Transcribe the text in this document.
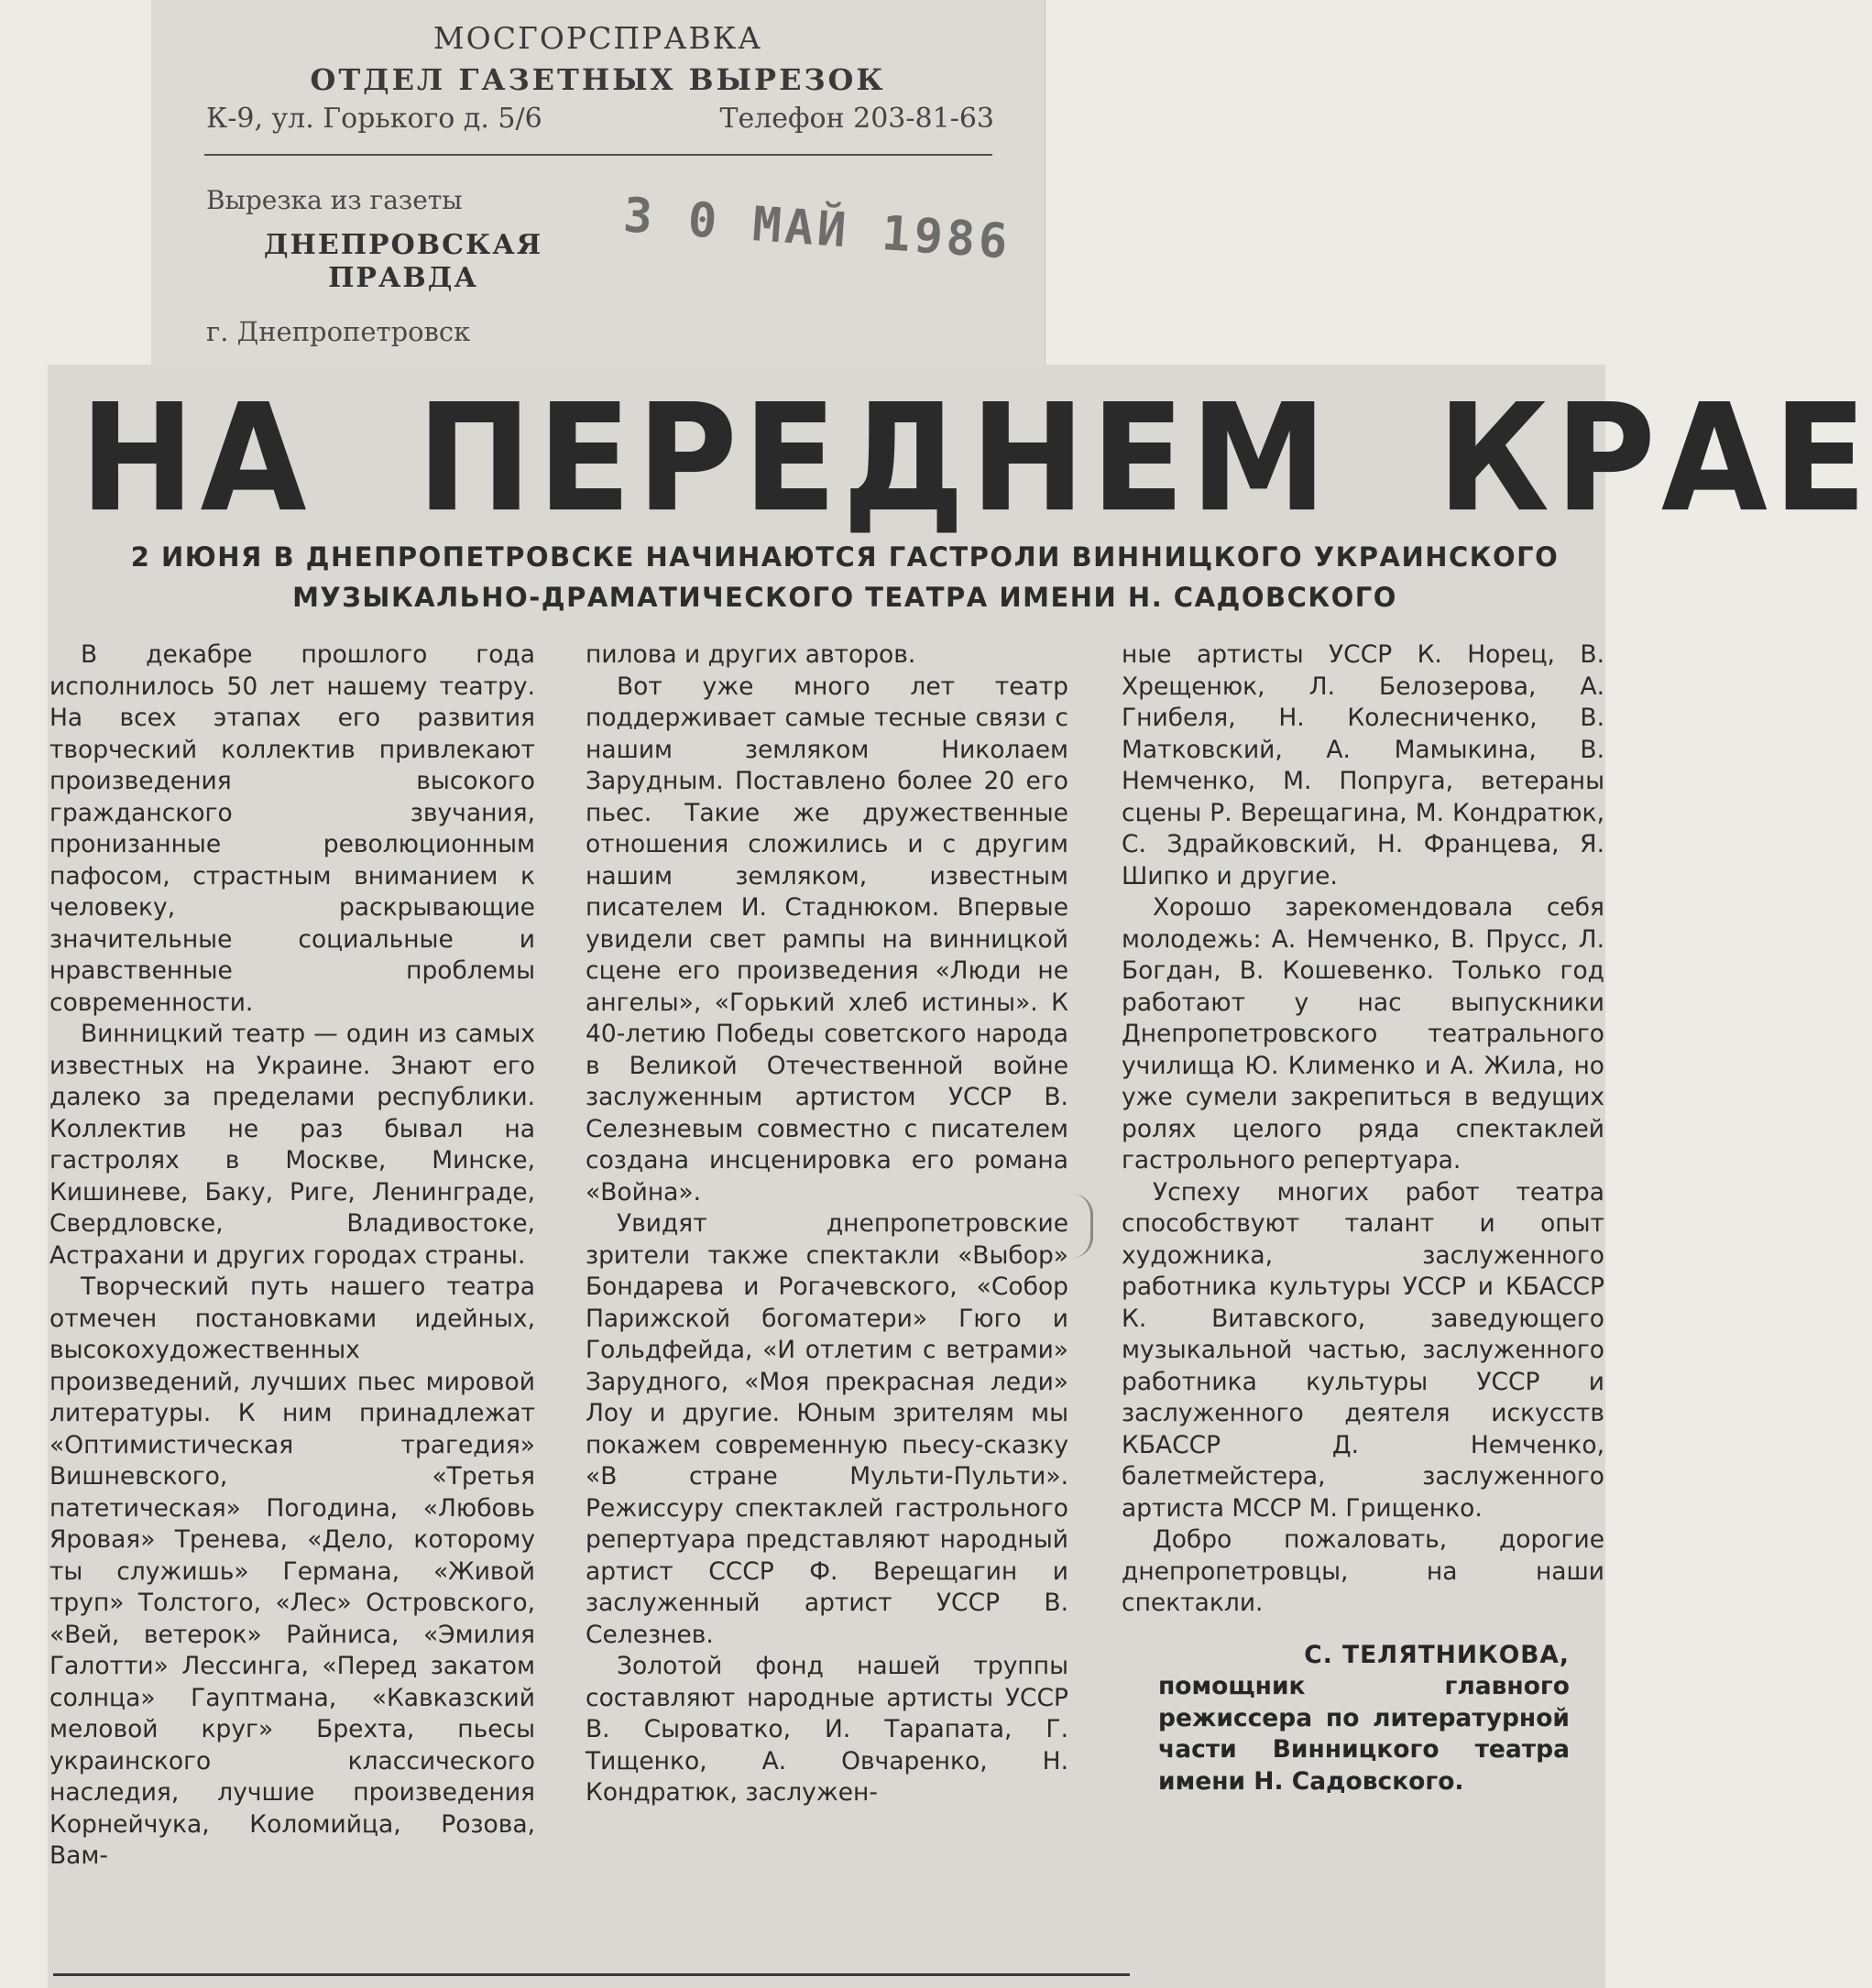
МОСГОРСПРАВКА
ОТДЕЛ ГАЗЕТНЫХ ВЫРЕЗОК
К-9, ул. Горького д. 5/6	Телефон 203-81-63
Вырезка из газеты
ДНЕПРОВСКАЯ ПРАВДА
г. Днепропетровск
3 0 МАЙ 1986
НА ПЕРЕДНЕМ КРАЕ
2 ИЮНЯ В ДНЕПРОПЕТРОВСКЕ НАЧИНАЮТСЯ ГАСТРОЛИ ВИННИЦКОГО УКРАИНСКОГО МУЗЫКАЛЬНО-ДРАМАТИЧЕСКОГО ТЕАТРА ИМЕНИ Н. САДОВСКОГО

В декабре прошлого года исполнилось 50 лет нашему театру. На всех этапах его развития творческий коллектив привлекают произведения высокого гражданского звучания, пронизанные революционным пафосом, страстным вниманием к человеку, раскрывающие значительные социальные и нравственные проблемы современности.

Винницкий театр — один из самых известных на Украине. Знают его далеко за пределами республики. Коллектив не раз бывал на гастролях в Москве, Минске, Кишиневе, Баку, Риге, Ленинграде, Свердловске, Владивостоке, Астрахани и других городах страны.

Творческий путь нашего театра отмечен постановками идейных, высокохудожественных произведений, лучших пьес мировой литературы. К ним принадлежат «Оптимистическая трагедия» Вишневского, «Третья патетическая» Погодина, «Любовь Яровая» Тренева, «Дело, которому ты служишь» Германа, «Живой труп» Толстого, «Лес» Островского, «Вей, ветерок» Райниса, «Эмилия Галотти» Лессинга, «Перед закатом солнца» Гауптмана, «Кавказский меловой круг» Брехта, пьесы украинского классического наследия, лучшие произведения Корнейчука, Коломийца, Розова, Вам-

пилова и других авторов.

Вот уже много лет театр поддерживает самые тесные связи с нашим земляком Николаем Зарудным. Поставлено более 20 его пьес. Такие же дружественные отношения сложились и с другим нашим земляком, известным писателем И. Стаднюком. Впервые увидели свет рампы на винницкой сцене его произведения «Люди не ангелы», «Горький хлеб истины». К 40-летию Победы советского народа в Великой Отечественной войне заслуженным артистом УССР В. Селезневым совместно с писателем создана инсценировка его романа «Война».

Увидят днепропетровские зрители также спектакли «Выбор» Бондарева и Рогачевского, «Собор Парижской богоматери» Гюго и Гольдфейда, «И отлетим с ветрами» Зарудного, «Моя прекрасная леди» Лоу и другие. Юным зрителям мы покажем современную пьесу-сказку «В стране Мульти-Пульти». Режиссуру спектаклей гастрольного репертуара представляют народный артист СССР Ф. Верещагин и заслуженный артист УССР В. Селезнев.

Золотой фонд нашей труппы составляют народные артисты УССР В. Сыроватко, И. Тарапата, Г. Тищенко, А. Овчаренко, Н. Кондратюк, заслужен-

ные артисты УССР К. Норец, В. Хрещенюк, Л. Белозерова, А. Гнибеля, Н. Колесниченко, В. Матковский, А. Мамыкина, В. Немченко, М. Попруга, ветераны сцены Р. Верещагина, М. Кондратюк, С. Здрайковский, Н. Францева, Я. Шипко и другие.

Хорошо зарекомендовала себя молодежь: А. Немченко, В. Прусс, Л. Богдан, В. Кошевенко. Только год работают у нас выпускники Днепропетровского театрального училища Ю. Клименко и А. Жила, но уже сумели закрепиться в ведущих ролях целого ряда спектаклей гастрольного репертуара.

Успеху многих работ театра способствуют талант и опыт художника, заслуженного работника культуры УССР и КБАССР К. Витавского, заведующего музыкальной частью, заслуженного работника культуры УССР и заслуженного деятеля искусств КБАССР Д. Немченко, балетмейстера, заслуженного артиста МССР М. Грищенко.

Добро пожаловать, дорогие днепропетровцы, на наши спектакли.

С. ТЕЛЯТНИКОВА,
помощник главного режиссера по литературной части Винницкого театра имени Н. Садовского.
